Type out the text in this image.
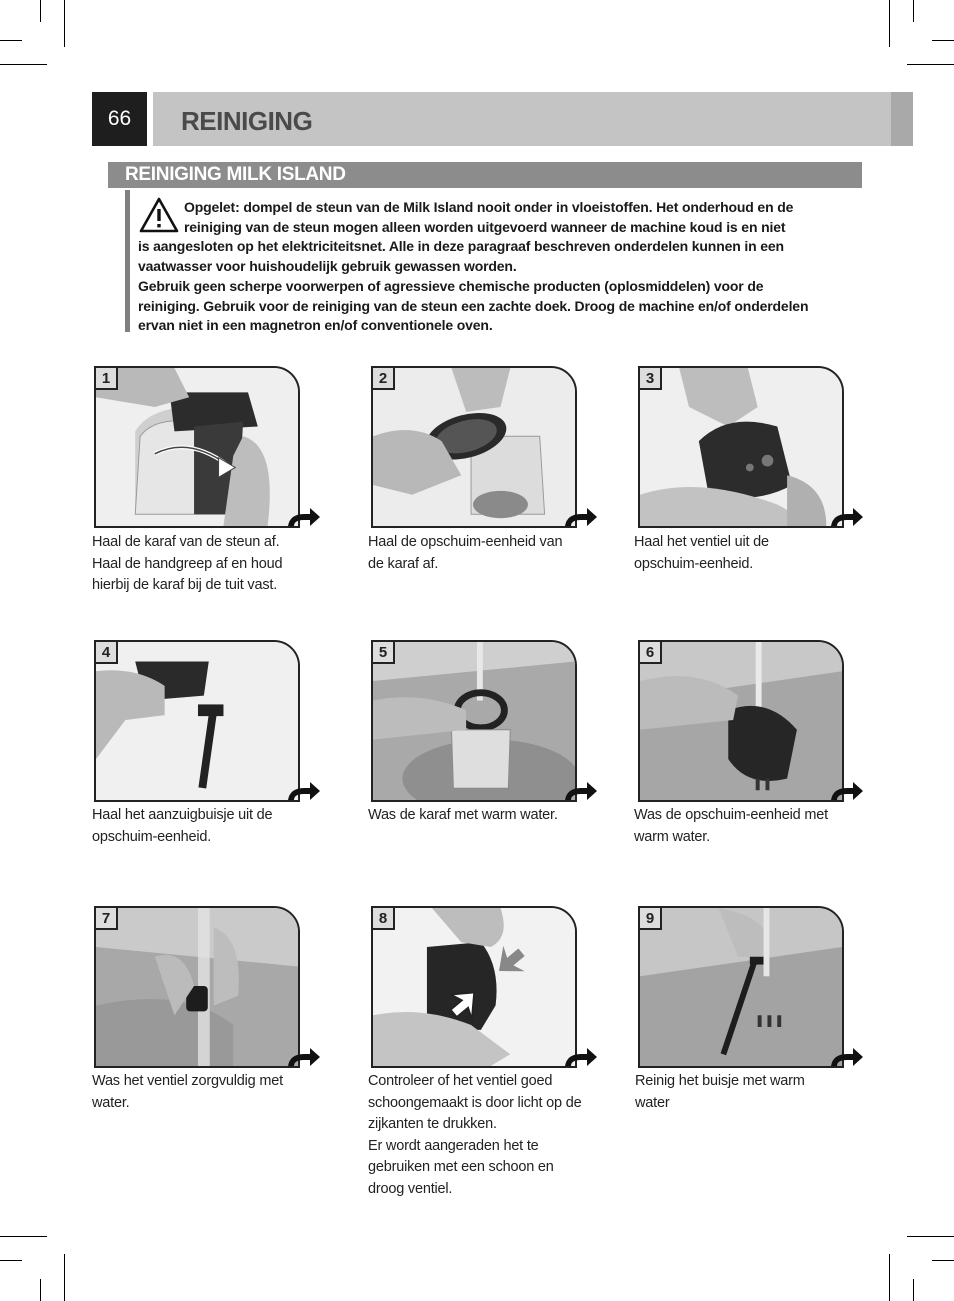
66	REINIGING
REINIGING MILK ISLAND
Opgelet: dompel de steun van de Milk Island nooit onder in vloeistoffen. Het onderhoud en de
reiniging van de steun mogen alleen worden uitgevoerd wanneer de machine koud is en niet
is aangesloten op het elektriciteitsnet. Alle in deze paragraaf beschreven onderdelen kunnen in een
vaatwasser voor huishoudelijk gebruik gewassen worden.
Gebruik geen scherpe voorwerpen of agressieve chemische producten (oplosmiddelen) voor de
reiniging. Gebruik voor de reiniging van de steun een zachte doek. Droog de machine en/of onderdelen
ervan niet in een magnetron en/of conventionele oven.
1
Haal de karaf van de steun af.
Haal de handgreep af en houd
hierbij de karaf bij de tuit vast.
2
Haal de opschuim-eenheid van
de karaf af.
3
Haal het ventiel uit de
opschuim-eenheid.
4
Haal het aanzuigbuisje uit de
opschuim-eenheid.
5
Was de karaf met warm water.
6
Was de opschuim-eenheid met
warm water.
7
Was het ventiel zorgvuldig met
water.
8
Controleer of het ventiel goed
schoongemaakt is door licht op de
zijkanten te drukken.
Er wordt aangeraden het te
gebruiken met een schoon en
droog ventiel.
9
Reinig het buisje met warm
water
